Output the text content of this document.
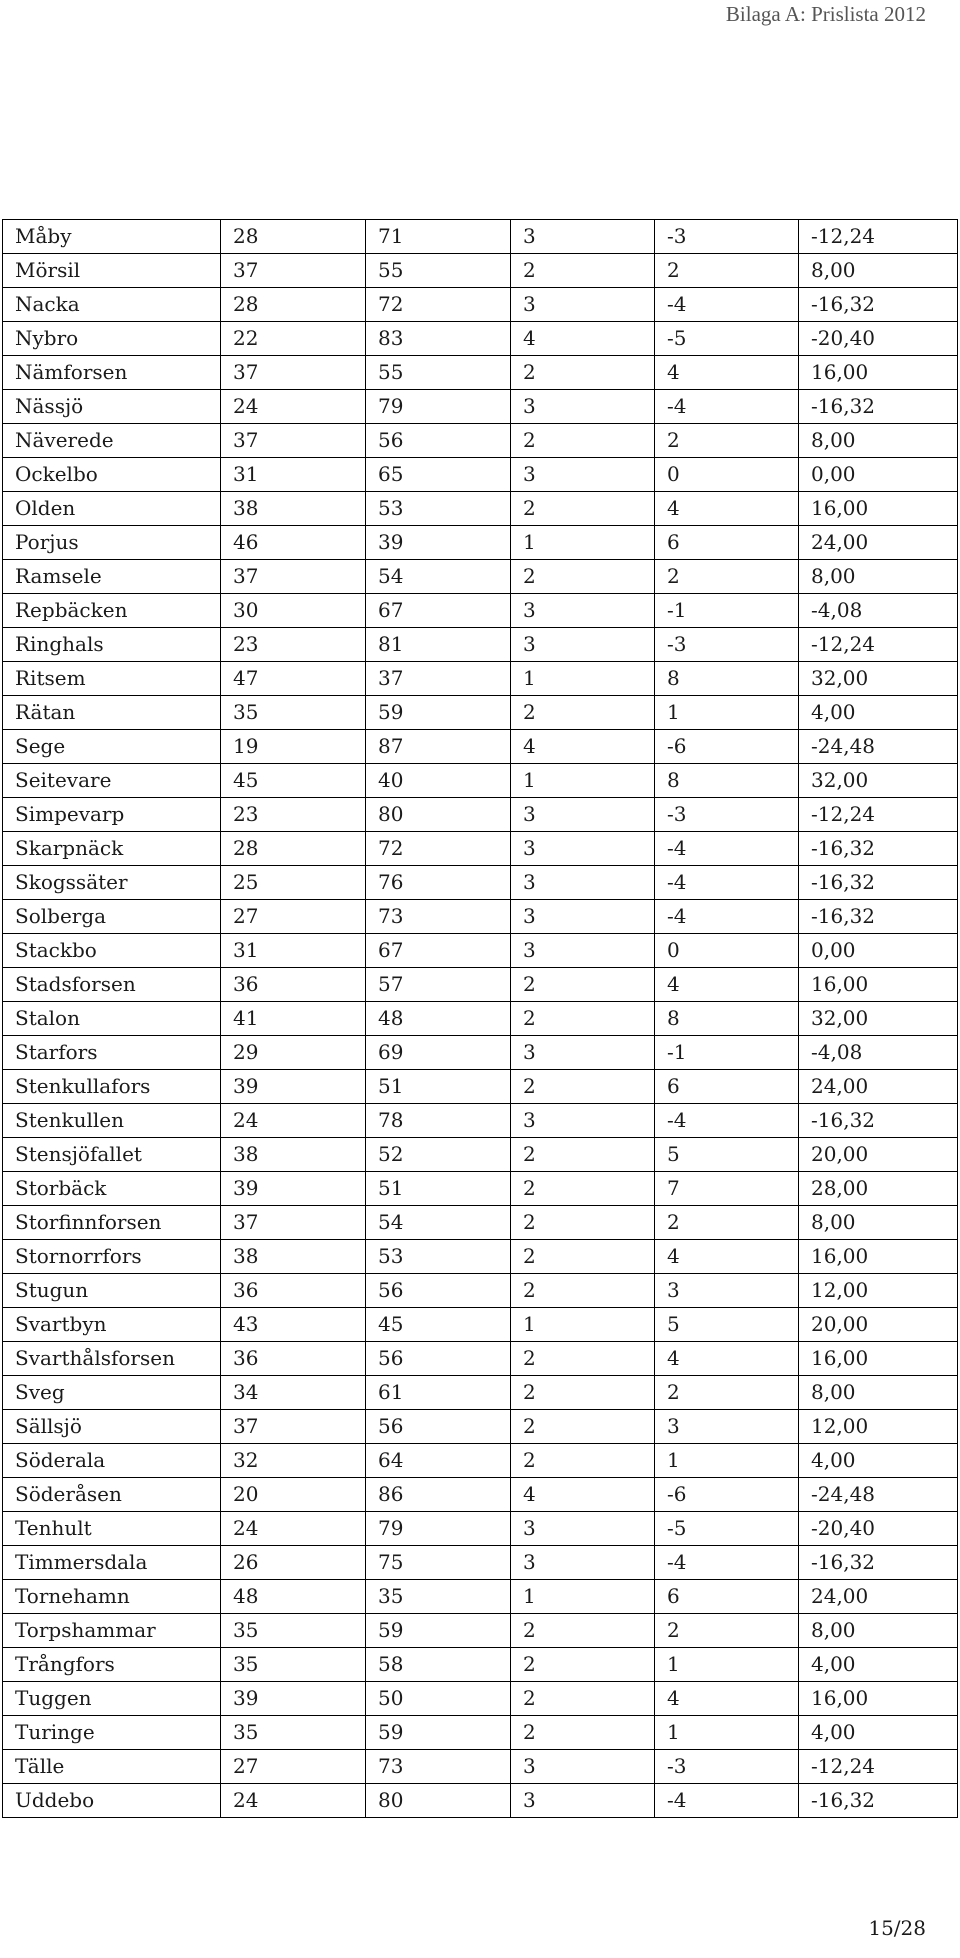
Bilaga A: Prislista 2012
Måby	28	71	3	-3	-12,24
Mörsil	37	55	2	2	8,00
Nacka	28	72	3	-4	-16,32
Nybro	22	83	4	-5	-20,40
Nämforsen	37	55	2	4	16,00
Nässjö	24	79	3	-4	-16,32
Näverede	37	56	2	2	8,00
Ockelbo	31	65	3	0	0,00
Olden	38	53	2	4	16,00
Porjus	46	39	1	6	24,00
Ramsele	37	54	2	2	8,00
Repbäcken	30	67	3	-1	-4,08
Ringhals	23	81	3	-3	-12,24
Ritsem	47	37	1	8	32,00
Rätan	35	59	2	1	4,00
Sege	19	87	4	-6	-24,48
Seitevare	45	40	1	8	32,00
Simpevarp	23	80	3	-3	-12,24
Skarpnäck	28	72	3	-4	-16,32
Skogssäter	25	76	3	-4	-16,32
Solberga	27	73	3	-4	-16,32
Stackbo	31	67	3	0	0,00
Stadsforsen	36	57	2	4	16,00
Stalon	41	48	2	8	32,00
Starfors	29	69	3	-1	-4,08
Stenkullafors	39	51	2	6	24,00
Stenkullen	24	78	3	-4	-16,32
Stensjöfallet	38	52	2	5	20,00
Storbäck	39	51	2	7	28,00
Storfinnforsen	37	54	2	2	8,00
Stornorrfors	38	53	2	4	16,00
Stugun	36	56	2	3	12,00
Svartbyn	43	45	1	5	20,00
Svarthålsforsen	36	56	2	4	16,00
Sveg	34	61	2	2	8,00
Sällsjö	37	56	2	3	12,00
Söderala	32	64	2	1	4,00
Söderåsen	20	86	4	-6	-24,48
Tenhult	24	79	3	-5	-20,40
Timmersdala	26	75	3	-4	-16,32
Tornehamn	48	35	1	6	24,00
Torpshammar	35	59	2	2	8,00
Trångfors	35	58	2	1	4,00
Tuggen	39	50	2	4	16,00
Turinge	35	59	2	1	4,00
Tälle	27	73	3	-3	-12,24
Uddebo	24	80	3	-4	-16,32
15/28
